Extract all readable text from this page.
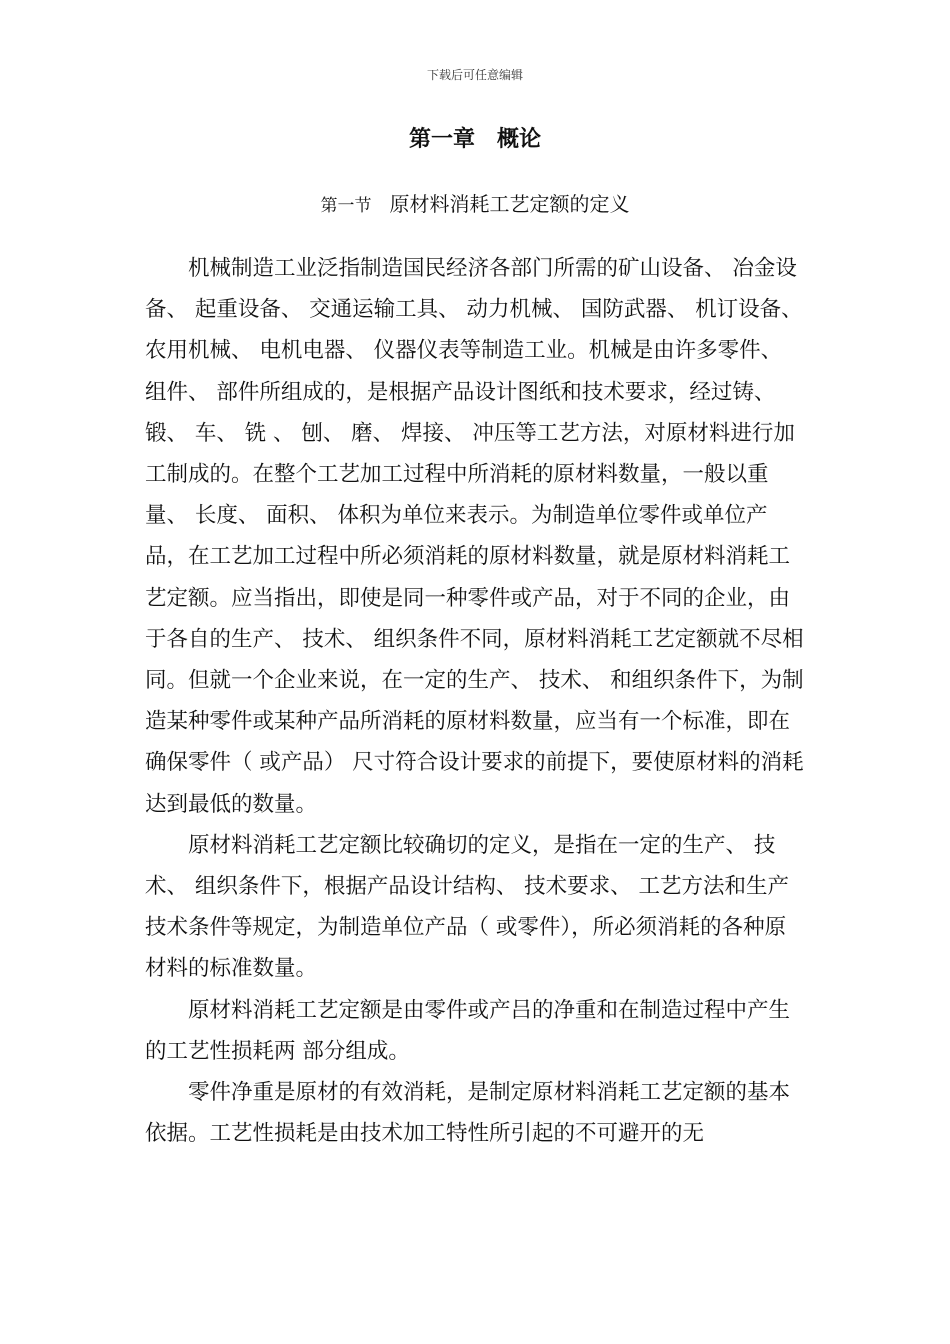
下载后可任意编辑
第一章　概论
第一节 原材料消耗工艺定额的定义

机械制造工业泛指制造国民经济各部门所需的矿山设备、 冶金设备、 起重设备、 交通运输工具、 动力机械、 国防武器、 机订设备、 农用机械、 电机电器、 仪器仪表等制造工业。机械是由许多零件、 组件、 部件所组成的，是根据产品设计图纸和技术要求，经过铸、 锻、 车、 铣 、 刨、 磨、 焊接、 冲压等工艺方法，对原材料进行加工制成的。在整个工艺加工过程中所消耗的原材料数量，一般以重量、 长度、 面积、 体积为单位来表示。为制造单位零件或单位产品，在工艺加工过程中所必须消耗的原材料数量，就是原材料消耗工艺定额。应当指出，即使是同一种零件或产品，对于不同的企业，由于各自的生产、 技术、 组织条件不同，原材料消耗工艺定额就不尽相同。但就一个企业来说，在一定的生产、 技术、 和组织条件下，为制造某种零件或某种产品所消耗的原材料数量，应当有一个标准，即在确保零件（ 或产品） 尺寸符合设计要求的前提下，要使原材料的消耗达到最低的数量。

原材料消耗工艺定额比较确切的定义，是指在一定的生产、 技术、 组织条件下，根据产品设计结构、 技术要求、 工艺方法和生产技术条件等规定，为制造单位产品（ 或零件），所必须消耗的各种原材料的标准数量。

原材料消耗工艺定额是由零件或产吕的净重和在制造过程中产生的工艺性损耗两 部分组成。

零件净重是原材的有效消耗，是制定原材料消耗工艺定额的基本依据。工艺性损耗是由技术加工特性所引起的不可避开的无
